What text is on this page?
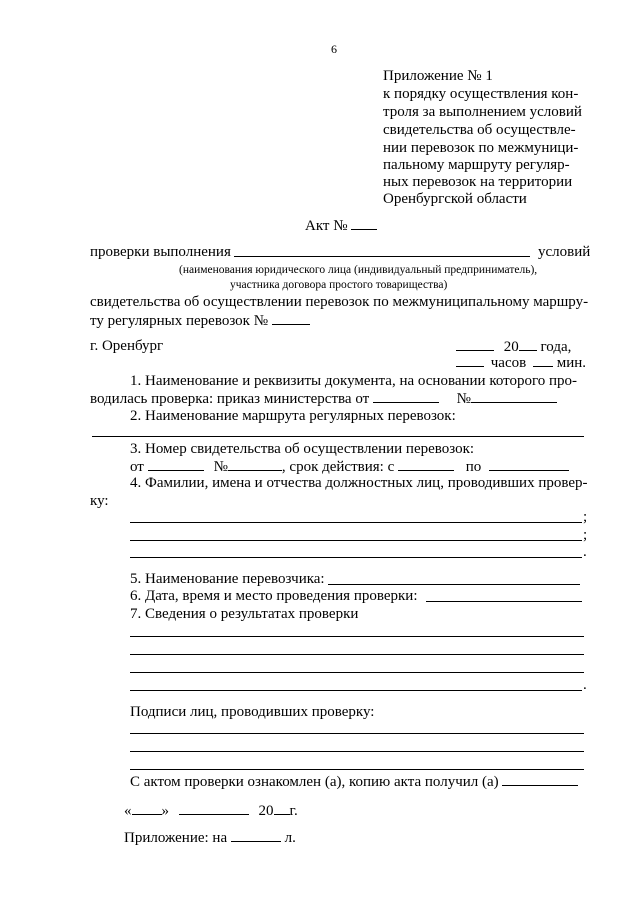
6
Приложение № 1
к порядку осуществления кон-
троля за выполнением условий
свидетельства об осуществле-
нии перевозок по межмуници-
пальному маршруту регуляр-
ных перевозок на территории
Оренбургской области
Акт №
проверки выполнения	условий
(наименования юридического лица (индивидуальный предприниматель),
участника договора простого товарищества)
свидетельства об осуществлении перевозок по межмуниципальному маршру-
ту регулярных перевозок №
г. Оренбург	20 года,
часов мин.
1. Наименование и реквизиты документа, на основании которого про-
водилась проверка: приказ министерства от	№
2. Наименование маршрута регулярных перевозок:
3. Номер свидетельства об осуществлении перевозок:
от	№	, срок действия: с	по
4. Фамилии, имена и отчества должностных лиц, проводивших провер-
ку:
;
;
.
5. Наименование перевозчика:
6. Дата, время и место проведения проверки:
7. Сведения о результатах проверки
.
Подписи лиц, проводивших проверку:
С актом проверки ознакомлен (а), копию акта получил (а)
« »	20 г.
Приложение: на	л.
